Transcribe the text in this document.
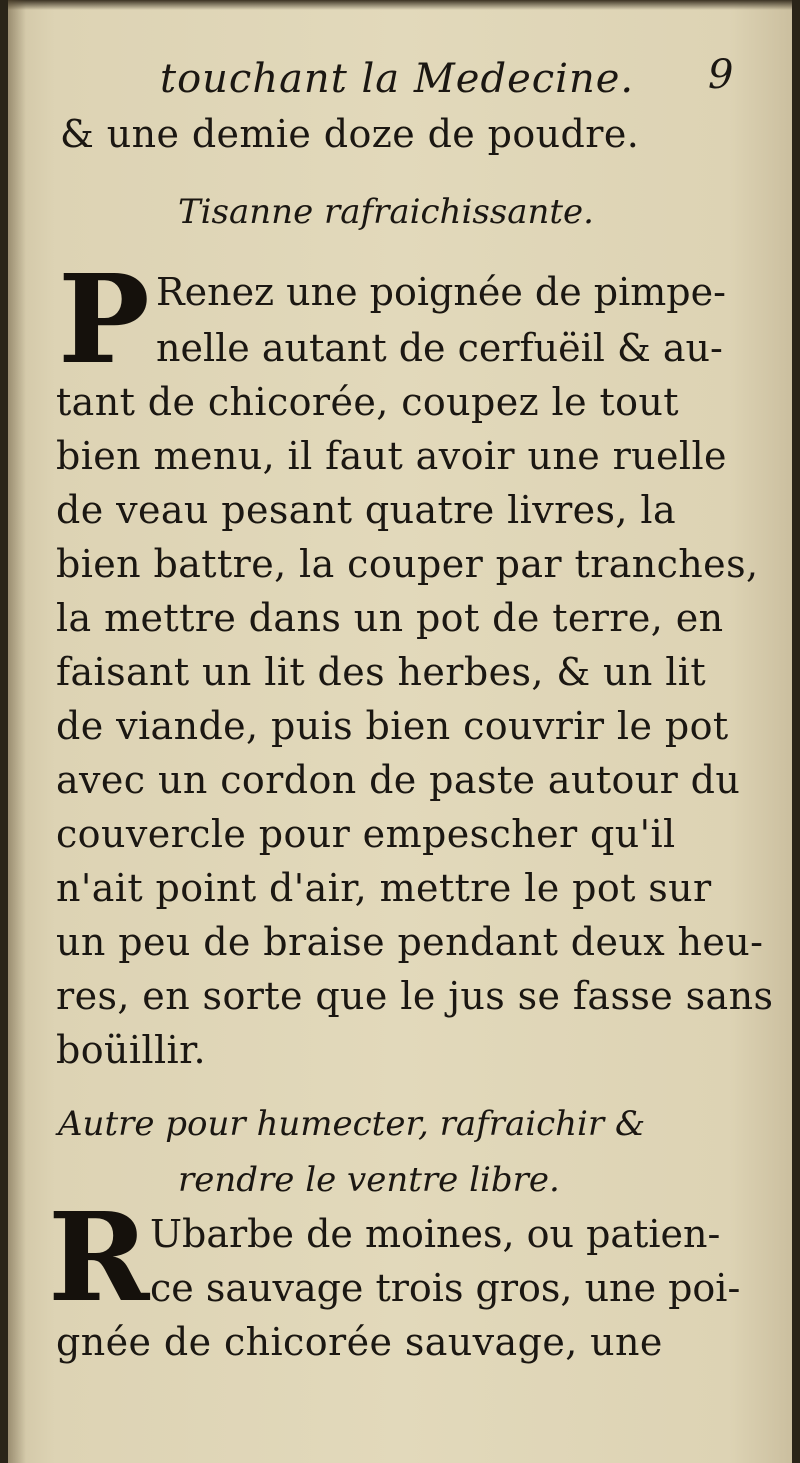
touchant la Medecine. 9
& une demie doze de poudre.
Tisanne rafraichissante.
P Renez une poignée de pimpe-
nelle autant de cerfuëil & au-
tant de chicorée, coupez le tout
bien menu, il faut avoir une ruelle
de veau pesant quatre livres, la
bien battre, la couper par tranches,
la mettre dans un pot de terre, en
faisant un lit des herbes, & un lit
de viande, puis bien couvrir le pot
avec un cordon de paste autour du
couvercle pour empescher qu'il
n'ait point d'air, mettre le pot sur
un peu de braise pendant deux heu-
res, en sorte que le jus se fasse sans
boüillir.
Autre pour humecter, rafraichir &
rendre le ventre libre.
R Ubarbe de moines, ou patien-
ce sauvage trois gros, une poi-
gnée de chicorée sauvage, une
